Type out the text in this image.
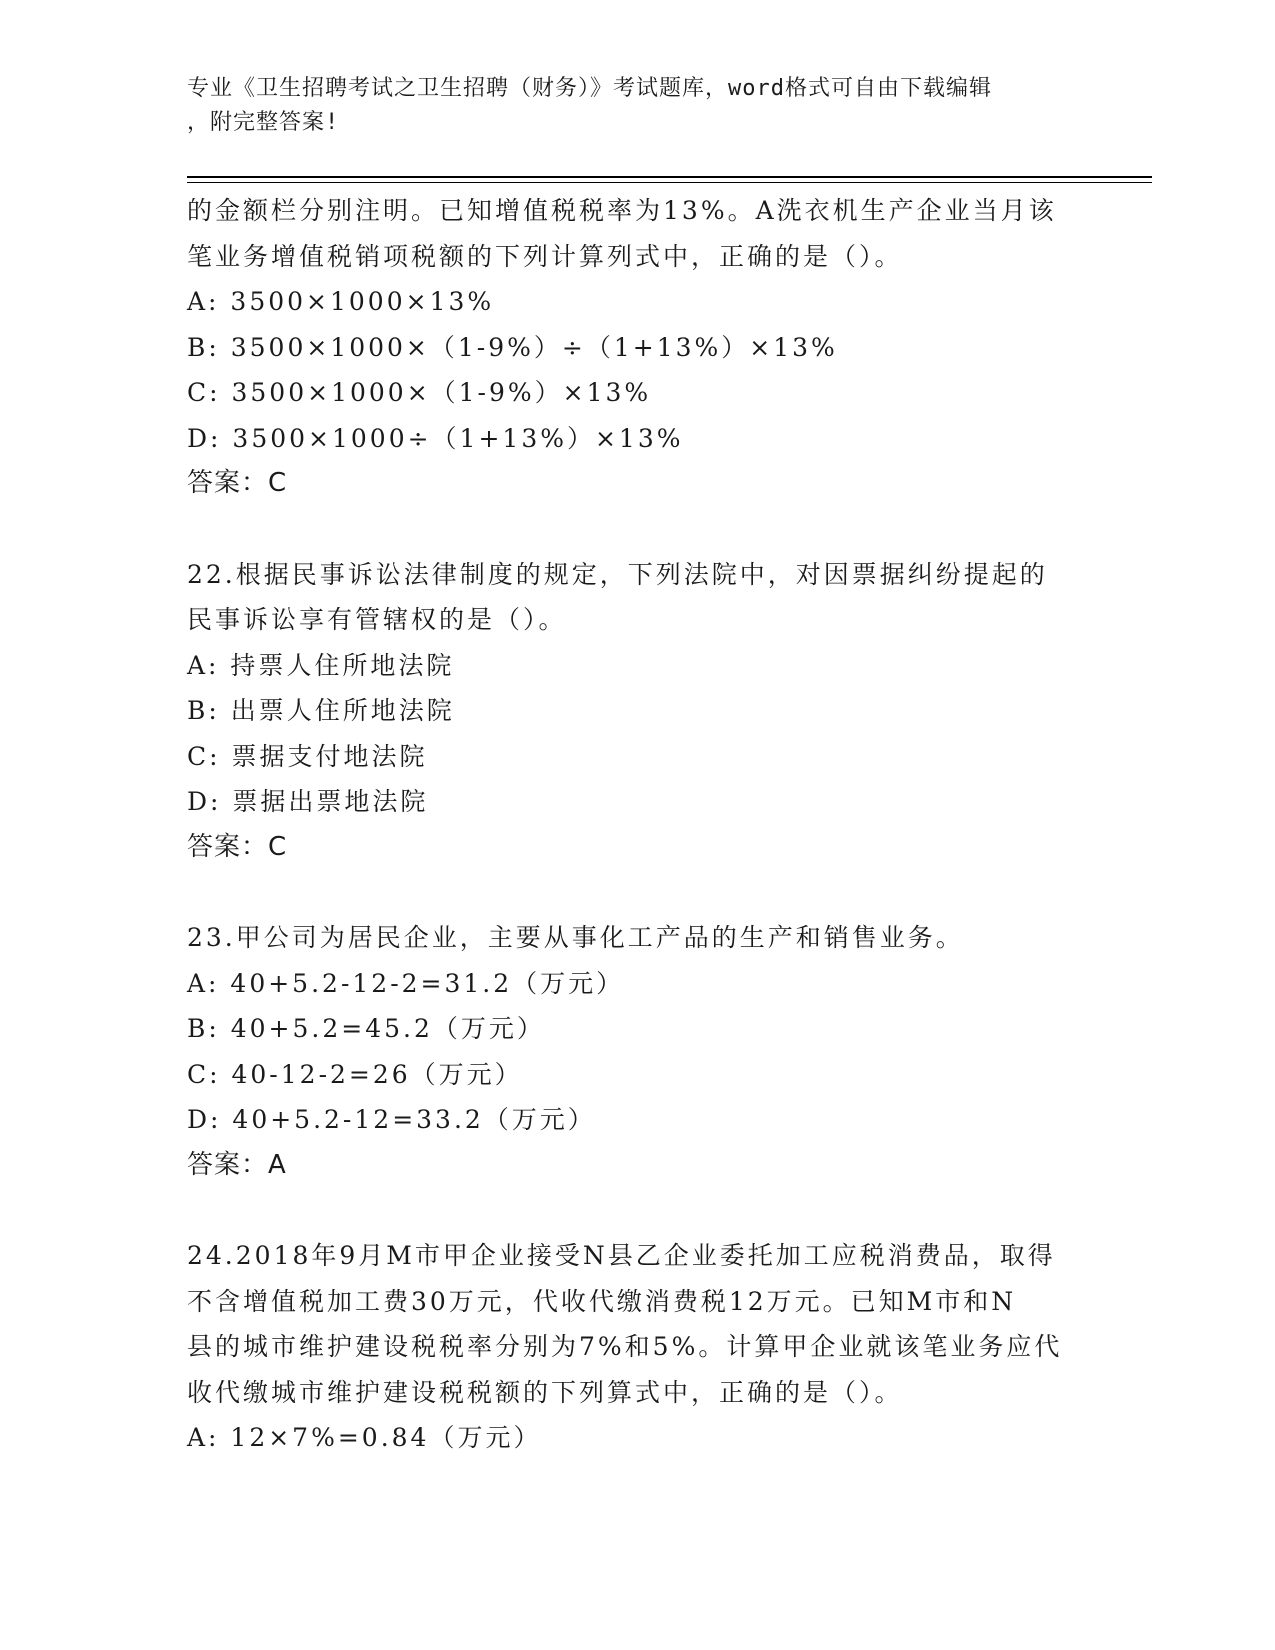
专业《卫生招聘考试之卫生招聘（财务）》考试题库，word格式可自由下载编辑
，附完整答案!
的金额栏分别注明。已知增值税税率为13%。A洗衣机生产企业当月该
笔业务增值税销项税额的下列计算列式中，正确的是（）。
A: 3500×1000×13%
B: 3500×1000×（1-9%）÷（1+13%）×13%
C: 3500×1000×（1-9%）×13%
D: 3500×1000÷（1+13%）×13%
答案：C
22.根据民事诉讼法律制度的规定，下列法院中，对因票据纠纷提起的
民事诉讼享有管辖权的是（）。
A: 持票人住所地法院
B: 出票人住所地法院
C: 票据支付地法院
D: 票据出票地法院
答案：C
23.甲公司为居民企业，主要从事化工产品的生产和销售业务。
A: 40+5.2-12-2=31.2（万元）
B: 40+5.2=45.2（万元）
C: 40-12-2=26（万元）
D: 40+5.2-12=33.2（万元）
答案：A
24.2018年9月M市甲企业接受N县乙企业委托加工应税消费品，取得
不含增值税加工费30万元，代收代缴消费税12万元。已知M市和N
县的城市维护建设税税率分别为7%和5%。计算甲企业就该笔业务应代
收代缴城市维护建设税税额的下列算式中，正确的是（）。
A: 12×7%=0.84（万元）
